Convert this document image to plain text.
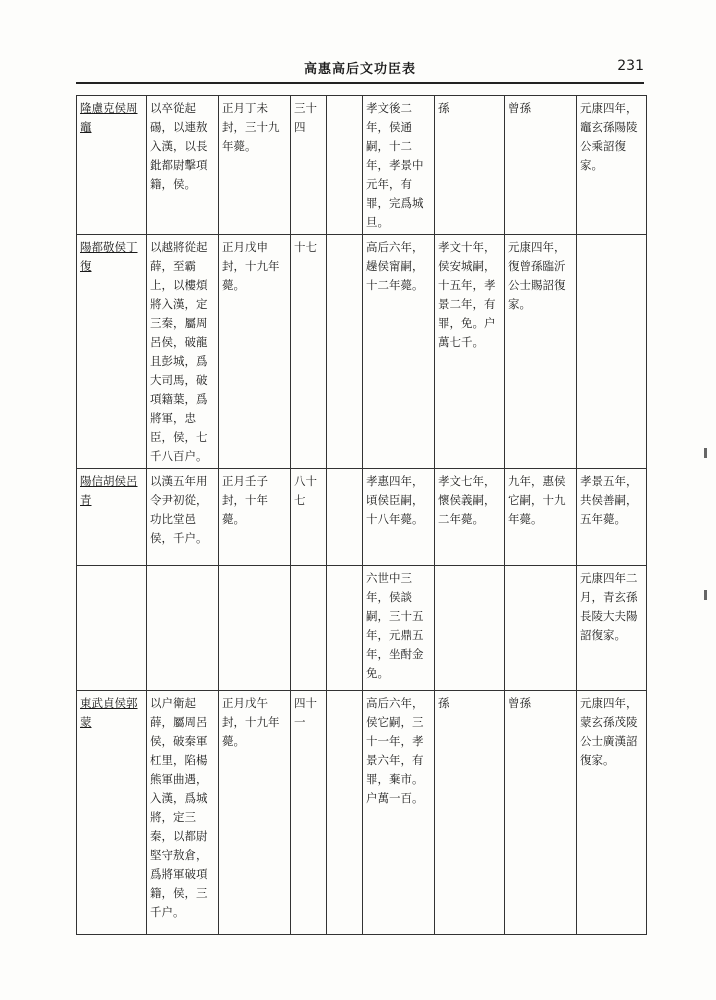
高惠高后文功臣表	231
隆慮克侯周竈	以卒從起碭，以連敖入漢，以長鈚都尉擊項籍，侯。	正月丁未封，三十九年薨。	三十四		孝文後二年，侯通嗣，十二年，孝景中元年，有罪，完爲城旦。	孫	曾孫	元康四年，竈玄孫陽陵公乘詔復家。
陽都敬侯丁復	以越將從起薛，至霸上，以樓煩將入漢，定三秦，屬周呂侯，破龍且彭城，爲大司馬，破項籍葉，爲將軍，忠臣，侯，七千八百户。	正月戊申封，十九年薨。	十七		高后六年，趮侯甯嗣，十二年薨。	孝文十年，侯安城嗣，十五年，孝景二年，有罪，免。户萬七千。	元康四年，復曾孫臨沂公士賜詔復家。	
陽信胡侯呂青	以漢五年用令尹初從，功比堂邑侯，千户。	正月壬子封，十年薨。	八十七		孝惠四年，頃侯臣嗣，十八年薨。	孝文七年，懷侯義嗣，二年薨。	九年，惠侯它嗣，十九年薨。	孝景五年，共侯善嗣，五年薨。
					六世中三年，侯談嗣，三十五年，元鼎五年，坐酎金免。			元康四年二月，青玄孫長陵大夫陽詔復家。
東武貞侯郭蒙	以户衛起薛，屬周呂侯，破秦軍杠里，陷楊熊軍曲遇，入漢，爲城將，定三秦，以都尉堅守敖倉，爲將軍破項籍，侯，三千户。	正月戊午封，十九年薨。	四十一		高后六年，侯它嗣，三十一年，孝景六年，有罪，棄市。户萬一百。	孫	曾孫	元康四年，蒙玄孫茂陵公士廣漢詔復家。
